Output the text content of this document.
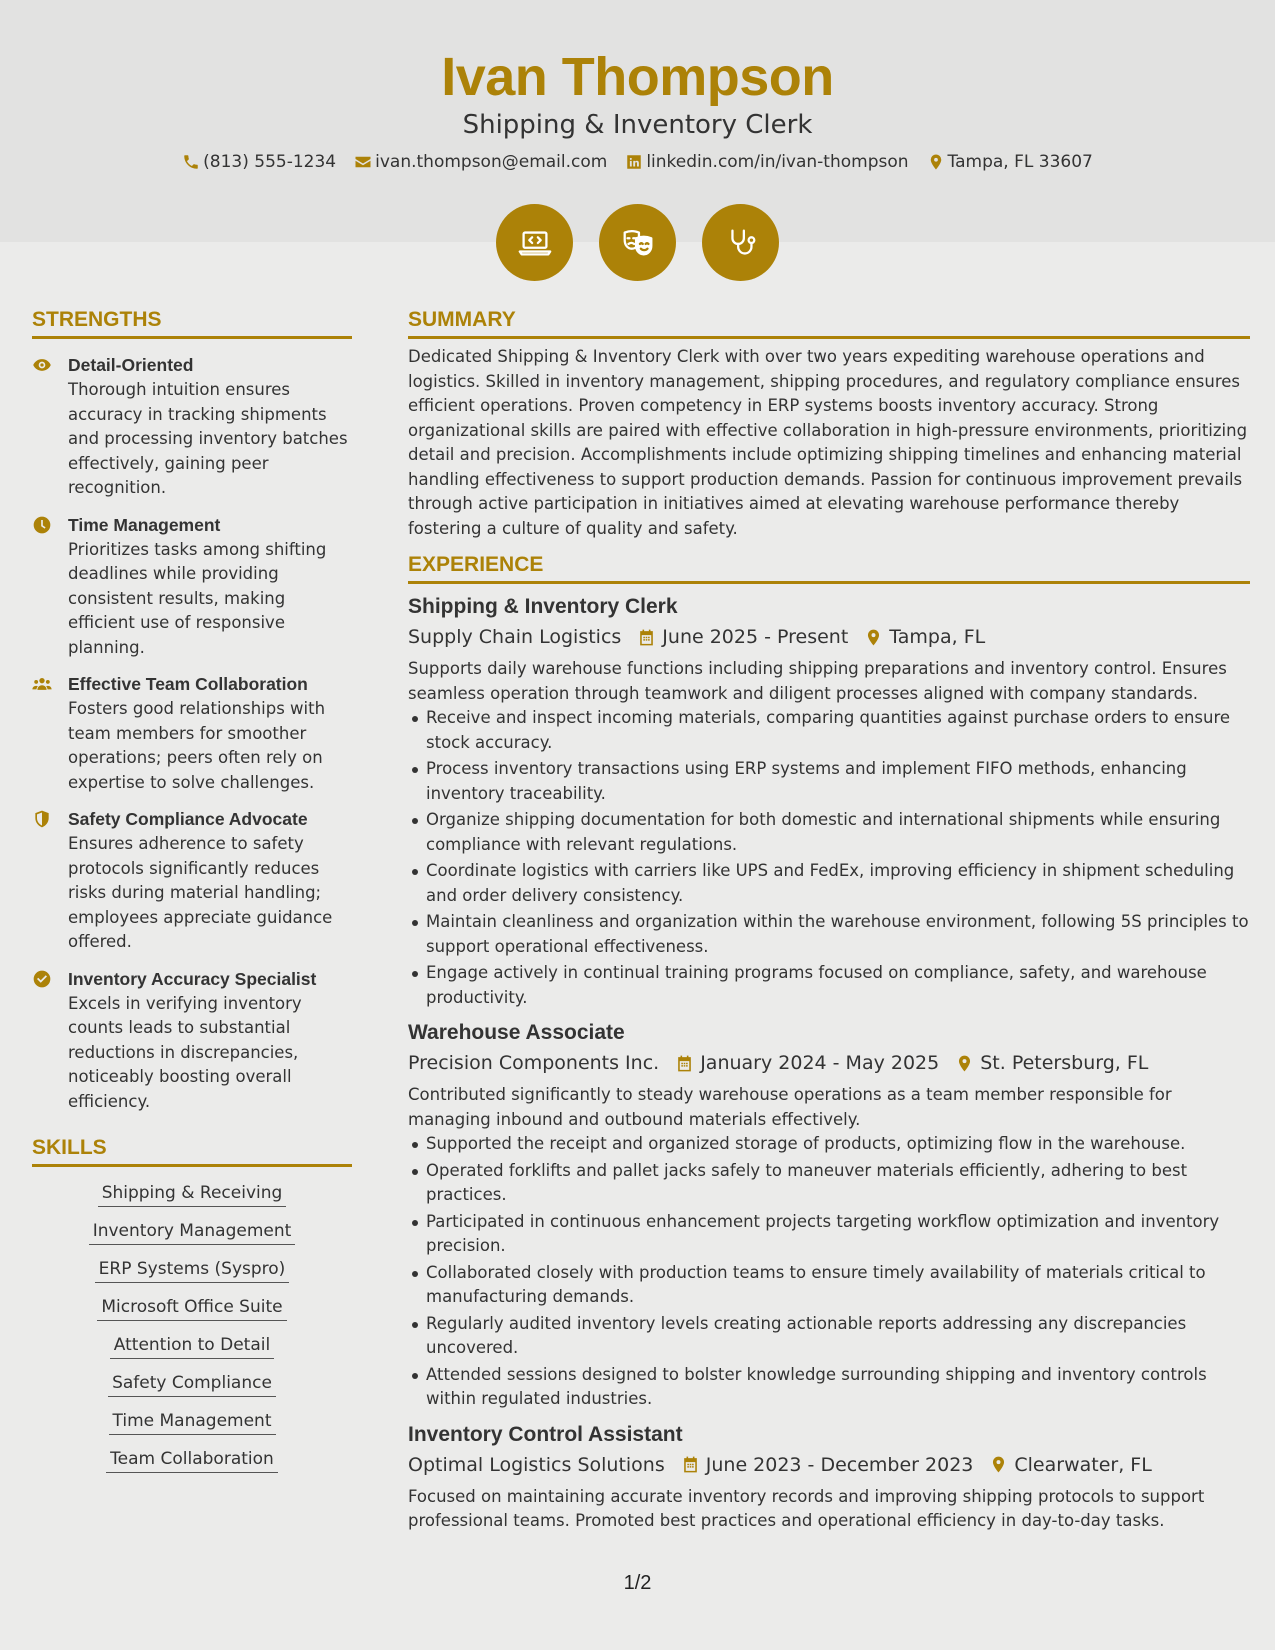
Ivan Thompson
Shipping & Inventory Clerk
(813) 555-1234 ivan.thompson@email.com linkedin.com/in/ivan-thompson Tampa, FL 33607
STRENGTHS
Detail-Oriented
Thorough intuition ensures accuracy in tracking shipments and processing inventory batches effectively, gaining peer recognition.
Time Management
Prioritizes tasks among shifting deadlines while providing consistent results, making efficient use of responsive planning.
Effective Team Collaboration
Fosters good relationships with team members for smoother operations; peers often rely on expertise to solve challenges.
Safety Compliance Advocate
Ensures adherence to safety protocols significantly reduces risks during material handling; employees appreciate guidance offered.
Inventory Accuracy Specialist
Excels in verifying inventory counts leads to substantial reductions in discrepancies, noticeably boosting overall efficiency.
SKILLS
Shipping & Receiving
Inventory Management
ERP Systems (Syspro)
Microsoft Office Suite
Attention to Detail
Safety Compliance
Time Management
Team Collaboration
SUMMARY

Dedicated Shipping & Inventory Clerk with over two years expediting warehouse operations and logistics. Skilled in inventory management, shipping procedures, and regulatory compliance ensures efficient operations. Proven competency in ERP systems boosts inventory accuracy. Strong organizational skills are paired with effective collaboration in high-pressure environments, prioritizing detail and precision. Accomplishments include optimizing shipping timelines and enhancing material handling effectiveness to support production demands. Passion for continuous improvement prevails through active participation in initiatives aimed at elevating warehouse performance thereby fostering a culture of quality and safety.

EXPERIENCE
Shipping & Inventory Clerk
Supply Chain Logistics June 2025 - Present Tampa, FL

Supports daily warehouse functions including shipping preparations and inventory control. Ensures seamless operation through teamwork and diligent processes aligned with company standards.

Receive and inspect incoming materials, comparing quantities against purchase orders to ensure stock accuracy.
Process inventory transactions using ERP systems and implement FIFO methods, enhancing inventory traceability.
Organize shipping documentation for both domestic and international shipments while ensuring compliance with relevant regulations.
Coordinate logistics with carriers like UPS and FedEx, improving efficiency in shipment scheduling and order delivery consistency.
Maintain cleanliness and organization within the warehouse environment, following 5S principles to support operational effectiveness.
Engage actively in continual training programs focused on compliance, safety, and warehouse productivity.
Warehouse Associate
Precision Components Inc. January 2024 - May 2025 St. Petersburg, FL

Contributed significantly to steady warehouse operations as a team member responsible for managing inbound and outbound materials effectively.

Supported the receipt and organized storage of products, optimizing flow in the warehouse.
Operated forklifts and pallet jacks safely to maneuver materials efficiently, adhering to best practices.
Participated in continuous enhancement projects targeting workflow optimization and inventory precision.
Collaborated closely with production teams to ensure timely availability of materials critical to manufacturing demands.
Regularly audited inventory levels creating actionable reports addressing any discrepancies uncovered.
Attended sessions designed to bolster knowledge surrounding shipping and inventory controls within regulated industries.
Inventory Control Assistant
Optimal Logistics Solutions June 2023 - December 2023 Clearwater, FL

Focused on maintaining accurate inventory records and improving shipping protocols to support professional teams. Promoted best practices and operational efficiency in day-to-day tasks.

1/2
